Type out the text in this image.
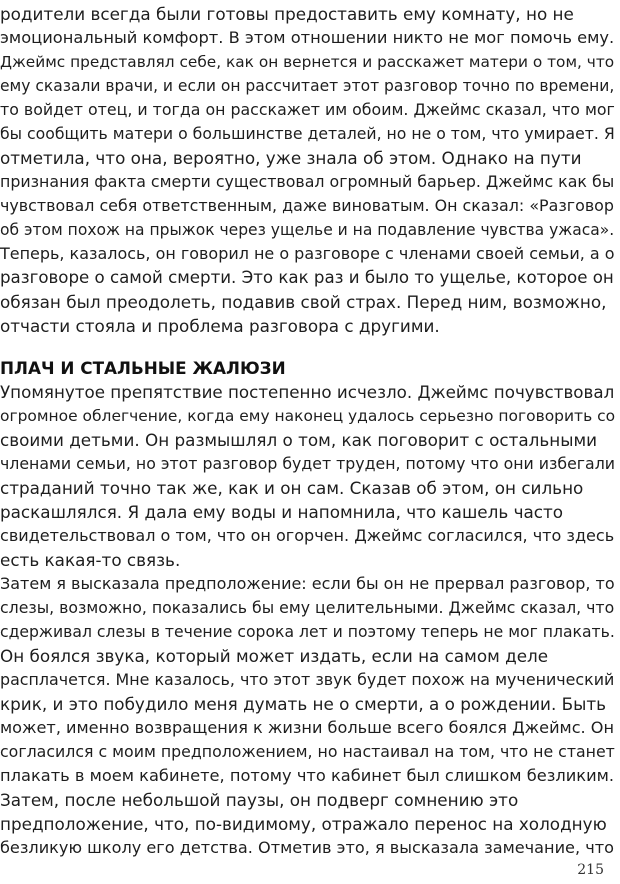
родители всегда были готовы предоставить ему комнату, но не
эмоциональный комфорт. В этом отношении никто не мог помочь ему.
Джеймс представлял себе, как он вернется и расскажет матери о том, что
ему сказали врачи, и если он рассчитает этот разговор точно по времени,
то войдет отец, и тогда он расскажет им обоим. Джеймс сказал, что мог
бы сообщить матери о большинстве деталей, но не о том, что умирает. Я
отметила, что она, вероятно, уже знала об этом. Однако на пути
признания факта смерти существовал огромный барьер. Джеймс как бы
чувствовал себя ответственным, даже виноватым. Он сказал: «Разговор
об этом похож на прыжок через ущелье и на подавление чувства ужаса».
Теперь, казалось, он говорил не о разговоре с членами своей семьи, а о
разговоре о самой смерти. Это как раз и было то ущелье, которое он
обязан был преодолеть, подавив свой страх. Перед ним, возможно,
отчасти стояла и проблема разговора с другими.
ПЛАЧ И СТАЛЬНЫЕ ЖАЛЮЗИ
Упомянутое препятствие постепенно исчезло. Джеймс почувствовал
огромное облегчение, когда ему наконец удалось серьезно поговорить со
своими детьми. Он размышлял о том, как поговорит с остальными
членами семьи, но этот разговор будет труден, потому что они избегали
страданий точно так же, как и он сам. Сказав об этом, он сильно
раскашлялся. Я дала ему воды и напомнила, что кашель часто
свидетельствовал о том, что он огорчен. Джеймс согласился, что здесь
есть какая-то связь.
Затем я высказала предположение: если бы он не прервал разговор, то
слезы, возможно, показались бы ему целительными. Джеймс сказал, что
сдерживал слезы в течение сорока лет и поэтому теперь не мог плакать.
Он боялся звука, который может издать, если на самом деле
расплачется. Мне казалось, что этот звук будет похож на мученический
крик, и это побудило меня думать не о смерти, а о рождении. Быть
может, именно возвращения к жизни больше всего боялся Джеймс. Он
согласился с моим предположением, но настаивал на том, что не станет
плакать в моем кабинете, потому что кабинет был слишком безликим.
Затем, после небольшой паузы, он подверг сомнению это
предположение, что, по-видимому, отражало перенос на холодную
безликую школу его детства. Отметив это, я высказала замечание, что
215
